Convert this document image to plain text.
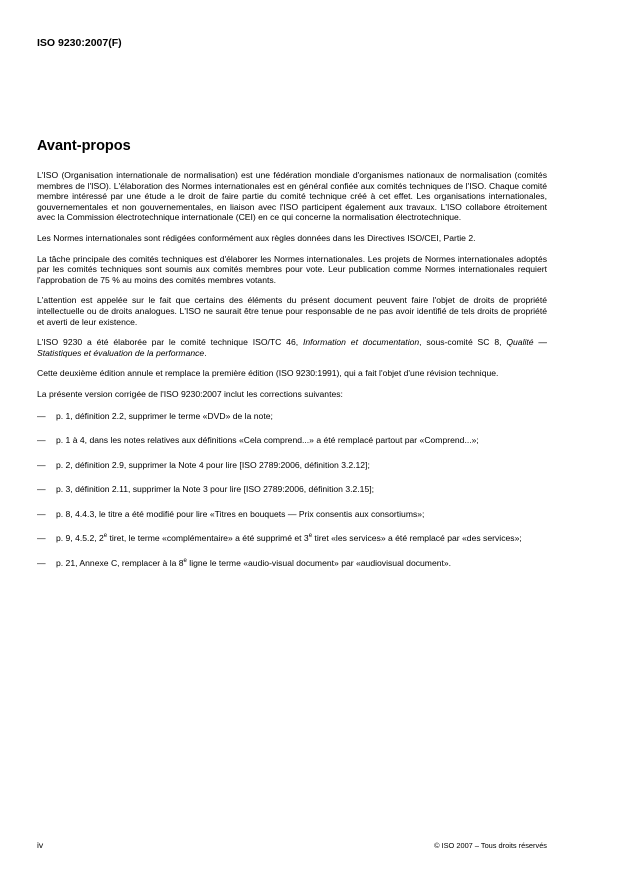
ISO 9230:2007(F)
Avant-propos

L'ISO (Organisation internationale de normalisation) est une fédération mondiale d'organismes nationaux de normalisation (comités membres de l'ISO). L'élaboration des Normes internationales est en général confiée aux comités techniques de l'ISO. Chaque comité membre intéressé par une étude a le droit de faire partie du comité technique créé à cet effet. Les organisations internationales, gouvernementales et non gouvernementales, en liaison avec l'ISO participent également aux travaux. L'ISO collabore étroitement avec la Commission électrotechnique internationale (CEI) en ce qui concerne la normalisation électrotechnique.

Les Normes internationales sont rédigées conformément aux règles données dans les Directives ISO/CEI, Partie 2.

La tâche principale des comités techniques est d'élaborer les Normes internationales. Les projets de Normes internationales adoptés par les comités techniques sont soumis aux comités membres pour vote. Leur publication comme Normes internationales requiert l'approbation de 75 % au moins des comités membres votants.

L'attention est appelée sur le fait que certains des éléments du présent document peuvent faire l'objet de droits de propriété intellectuelle ou de droits analogues. L'ISO ne saurait être tenue pour responsable de ne pas avoir identifié de tels droits de propriété et averti de leur existence.

L'ISO 9230 a été élaborée par le comité technique ISO/TC 46, Information et documentation, sous-comité SC 8, Qualité — Statistiques et évaluation de la performance.

Cette deuxième édition annule et remplace la première édition (ISO 9230:1991), qui a fait l'objet d'une révision technique.

La présente version corrigée de l'ISO 9230:2007 inclut les corrections suivantes:

—	p. 1, définition 2.2, supprimer le terme «DVD» de la note;
—	p. 1 à 4, dans les notes relatives aux définitions «Cela comprend...» a été remplacé partout par «Comprend...»;
—	p. 2, définition 2.9, supprimer la Note 4 pour lire [ISO 2789:2006, définition 3.2.12];
—	p. 3, définition 2.11, supprimer la Note 3 pour lire [ISO 2789:2006, définition 3.2.15];
—	p. 8, 4.4.3, le titre a été modifié pour lire «Titres en bouquets — Prix consentis aux consortiums»;
—	p. 9, 4.5.2, 2e tiret, le terme «complémentaire» a été supprimé et 3e tiret «les services» a été remplacé par «des services»;
—	p. 21, Annexe C, remplacer à la 8e ligne le terme «audio-visual document» par «audiovisual document».
iv	© ISO 2007 – Tous droits réservés
